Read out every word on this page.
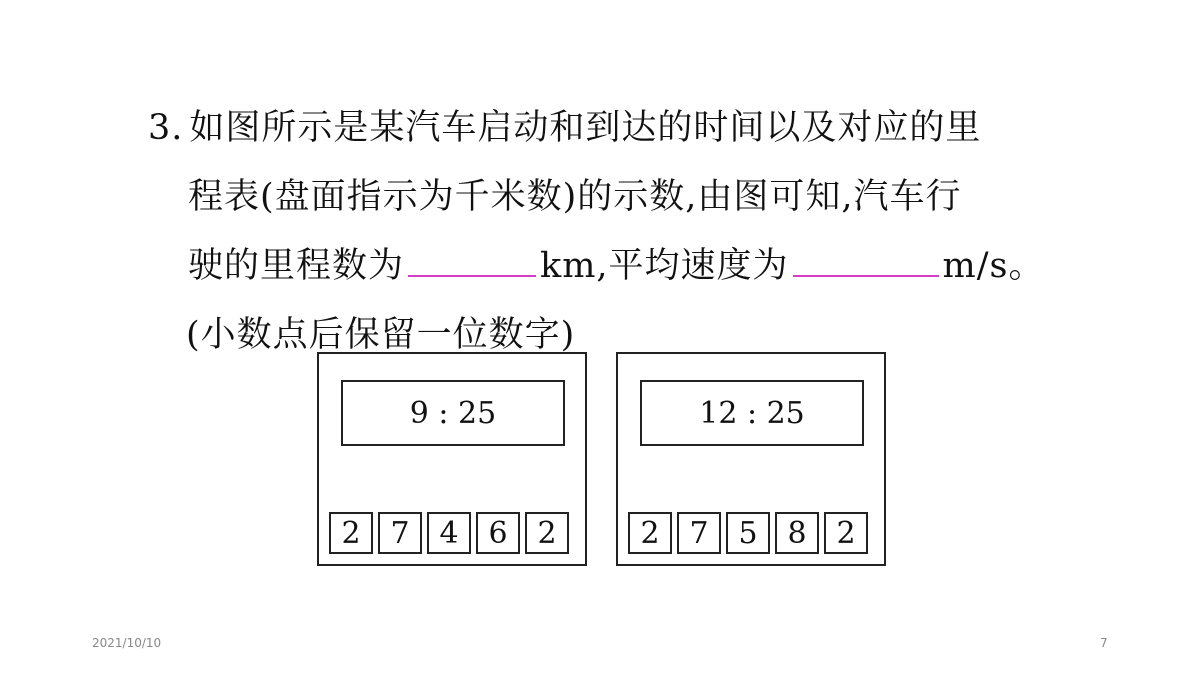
3. 如图所示是某汽车启动和到达的时间以及对应的里
程表(盘面指示为千米数)的示数,由图可知,汽车行
驶的里程数为	km,平均速度为	m/s。
(小数点后保留一位数字)
9 : 25
2 7 4 6 2
12 : 25
2 7 5 8 2
2021/10/10	7
